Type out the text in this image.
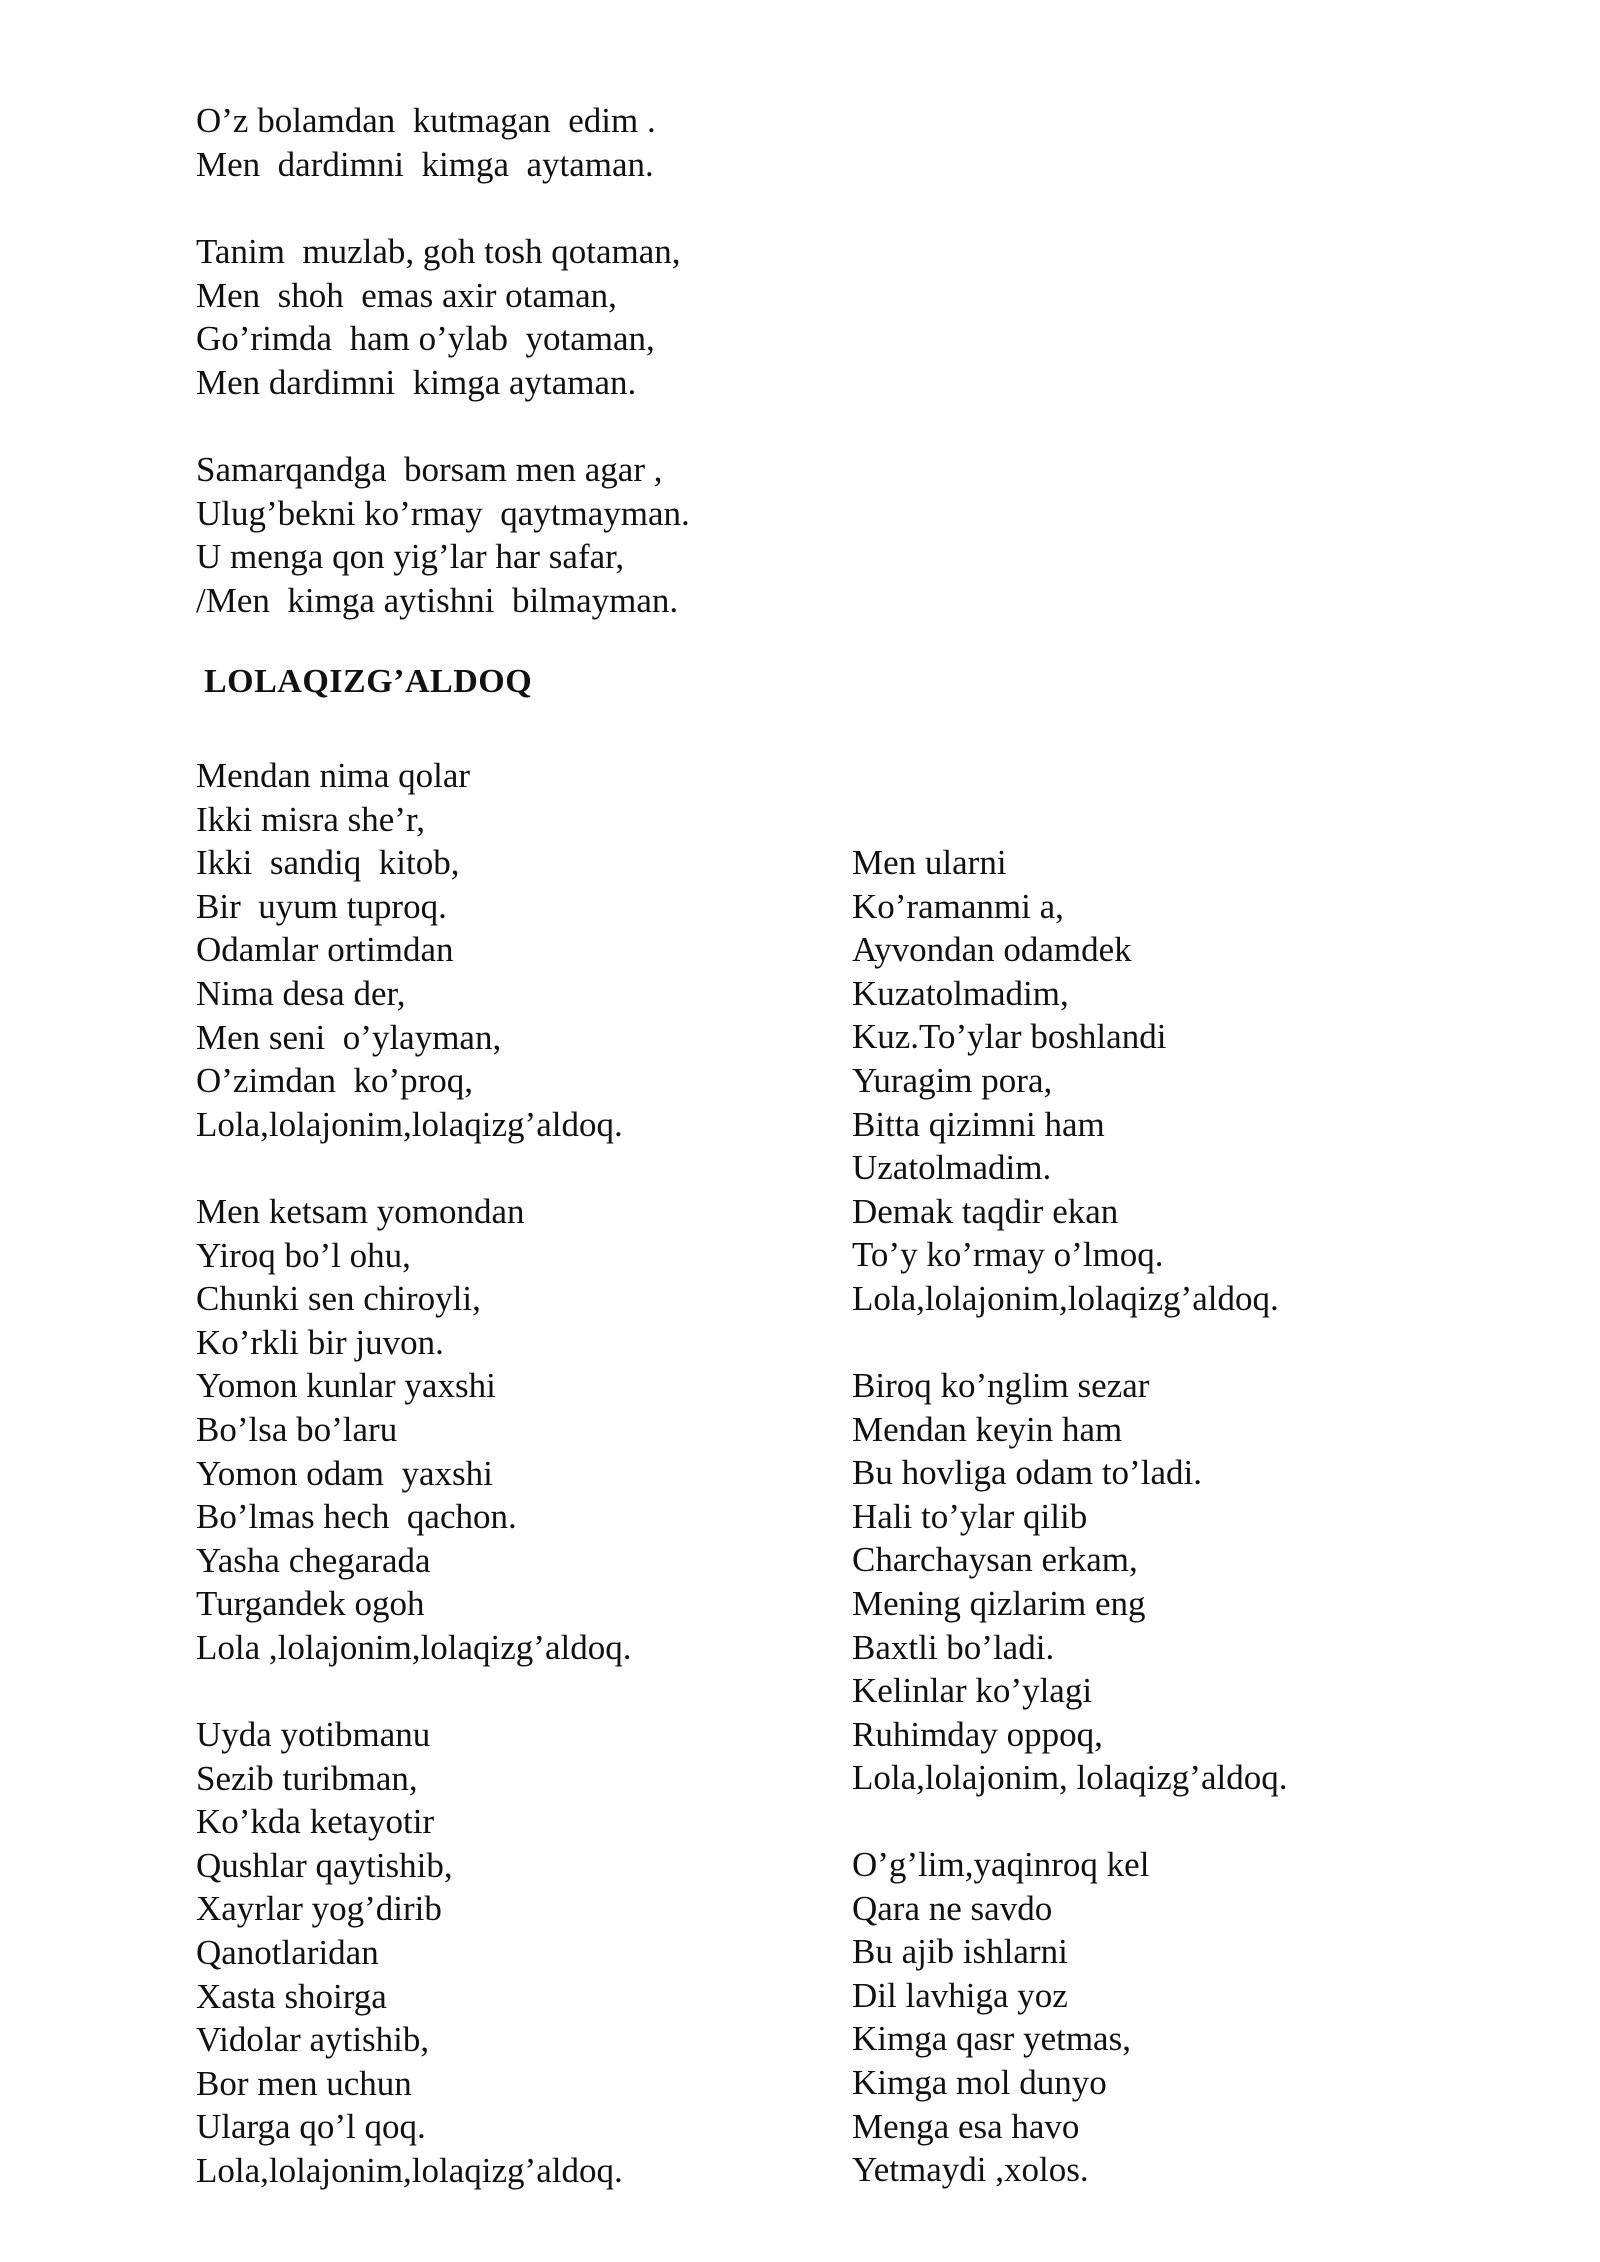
O’z bolamdan  kutmagan  edim .
Men  dardimni  kimga  aytaman.
Tanim  muzlab, goh tosh qotaman,
Men  shoh  emas axir otaman,
Go’rimda  ham o’ylab  yotaman,
Men dardimni  kimga aytaman.
Samarqandga  borsam men agar ,
Ulug’bekni ko’rmay  qaytmayman.
U menga qon yig’lar har safar,
/Men  kimga aytishni  bilmayman.
LOLAQIZG’ALDOQ
Mendan nima qolar
Ikki misra she’r,
Ikki  sandiq  kitob,
Bir  uyum tuproq.
Odamlar ortimdan
Nima desa der,
Men seni  o’ylayman,
O’zimdan  ko’proq,
Lola,lolajonim,lolaqizg’aldoq.
Men ketsam yomondan
Yiroq bo’l ohu,
Chunki sen chiroyli,
Ko’rkli bir juvon.
Yomon kunlar yaxshi
Bo’lsa bo’laru
Yomon odam  yaxshi
Bo’lmas hech  qachon.
Yasha chegarada
Turgandek ogoh
Lola ,lolajonim,lolaqizg’aldoq.
Uyda yotibmanu
Sezib turibman,
Ko’kda ketayotir
Qushlar qaytishib,
Xayrlar yog’dirib
Qanotlaridan
Xasta shoirga
Vidolar aytishib,
Bor men uchun
Ularga qo’l qoq.
Lola,lolajonim,lolaqizg’aldoq.
Men ularni
Ko’ramanmi a,
Ayvondan odamdek
Kuzatolmadim,
Kuz.To’ylar boshlandi
Yuragim pora,
Bitta qizimni ham
Uzatolmadim.
Demak taqdir ekan
To’y ko’rmay o’lmoq.
Lola,lolajonim,lolaqizg’aldoq.
Biroq ko’nglim sezar
Mendan keyin ham
Bu hovliga odam to’ladi.
Hali to’ylar qilib
Charchaysan erkam,
Mening qizlarim eng
Baxtli bo’ladi.
Kelinlar ko’ylagi
Ruhimday oppoq,
Lola,lolajonim, lolaqizg’aldoq.
O’g’lim,yaqinroq kel
Qara ne savdo
Bu ajib ishlarni
Dil lavhiga yoz
Kimga qasr yetmas,
Kimga mol dunyo
Menga esa havo
Yetmaydi ,xolos.
